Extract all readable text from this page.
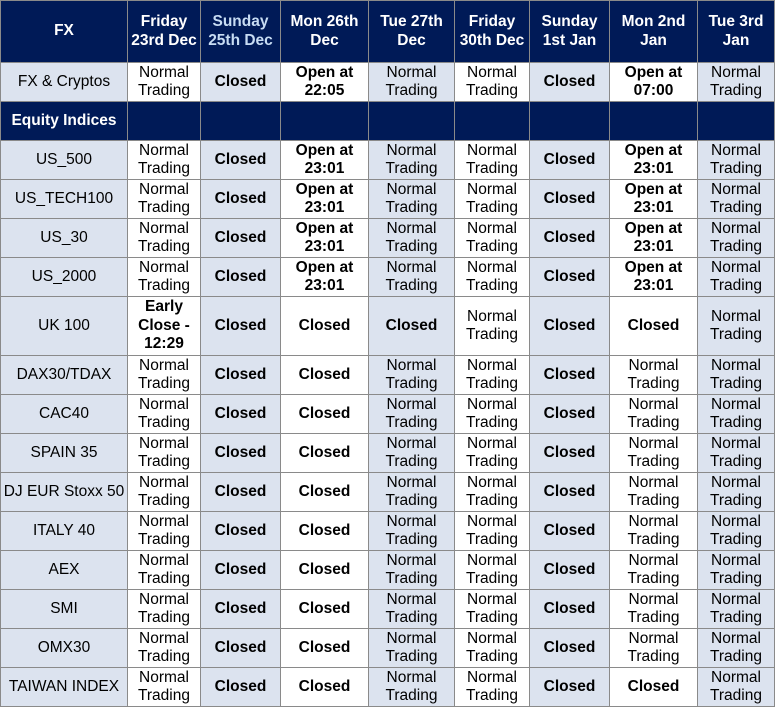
FX	Friday 23rd Dec	Sunday 25th Dec	Mon 26th Dec	Tue 27th Dec	Friday 30th Dec	Sunday 1st Jan	Mon 2nd Jan	Tue 3rd Jan
FX & Cryptos	Normal Trading	Closed	Open at 22:05	Normal Trading	Normal Trading	Closed	Open at 07:00	Normal Trading
Equity Indices								
US_500	Normal Trading	Closed	Open at 23:01	Normal Trading	Normal Trading	Closed	Open at 23:01	Normal Trading
US_TECH100	Normal Trading	Closed	Open at 23:01	Normal Trading	Normal Trading	Closed	Open at 23:01	Normal Trading
US_30	Normal Trading	Closed	Open at 23:01	Normal Trading	Normal Trading	Closed	Open at 23:01	Normal Trading
US_2000	Normal Trading	Closed	Open at 23:01	Normal Trading	Normal Trading	Closed	Open at 23:01	Normal Trading
UK 100	Early Close - 12:29	Closed	Closed	Closed	Normal Trading	Closed	Closed	Normal Trading
DAX30/TDAX	Normal Trading	Closed	Closed	Normal Trading	Normal Trading	Closed	Normal Trading	Normal Trading
CAC40	Normal Trading	Closed	Closed	Normal Trading	Normal Trading	Closed	Normal Trading	Normal Trading
SPAIN 35	Normal Trading	Closed	Closed	Normal Trading	Normal Trading	Closed	Normal Trading	Normal Trading
DJ EUR Stoxx 50	Normal Trading	Closed	Closed	Normal Trading	Normal Trading	Closed	Normal Trading	Normal Trading
ITALY 40	Normal Trading	Closed	Closed	Normal Trading	Normal Trading	Closed	Normal Trading	Normal Trading
AEX	Normal Trading	Closed	Closed	Normal Trading	Normal Trading	Closed	Normal Trading	Normal Trading
SMI	Normal Trading	Closed	Closed	Normal Trading	Normal Trading	Closed	Normal Trading	Normal Trading
OMX30	Normal Trading	Closed	Closed	Normal Trading	Normal Trading	Closed	Normal Trading	Normal Trading
TAIWAN INDEX	Normal Trading	Closed	Closed	Normal Trading	Normal Trading	Closed	Closed	Normal Trading
